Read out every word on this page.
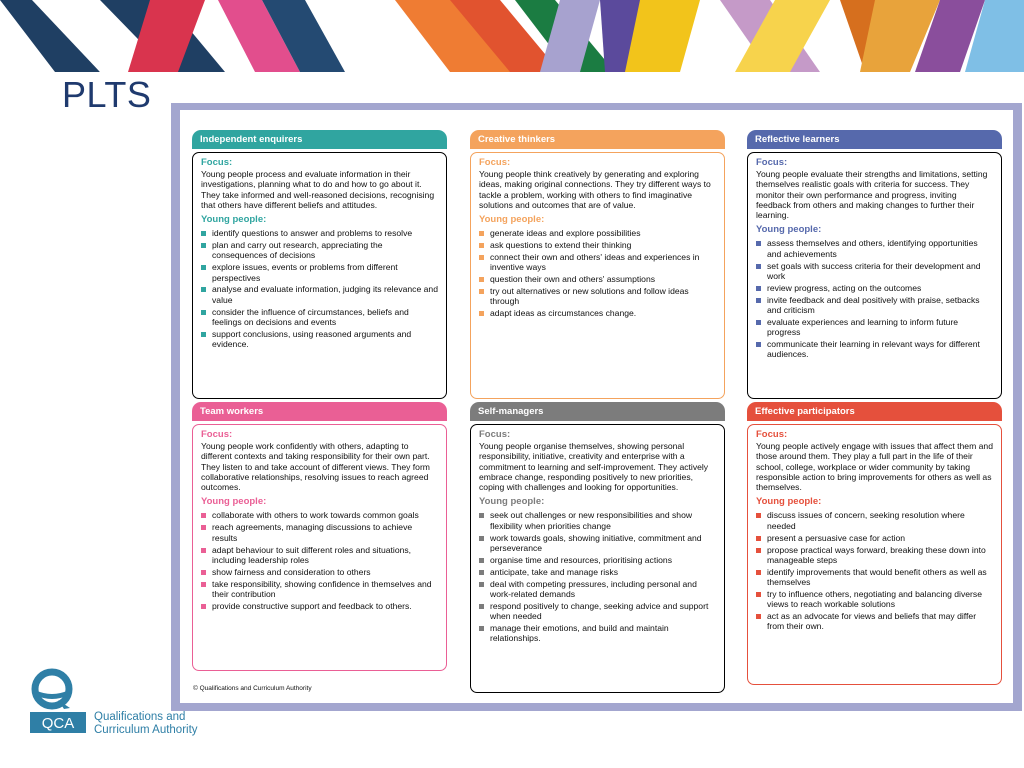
PLTS
Independent enquirers
Focus:
Young people process and evaluate information in their investigations, planning what to do and how to go about it. They take informed and well-reasoned decisions, recognising that others have different beliefs and attitudes.
Young people:
identify questions to answer and problems to resolve
plan and carry out research, appreciating the consequences of decisions
explore issues, events or problems from different perspectives
analyse and evaluate information, judging its relevance and value
consider the influence of circumstances, beliefs and feelings on decisions and events
support conclusions, using reasoned arguments and evidence.
Creative thinkers
Focus:
Young people think creatively by generating and exploring ideas, making original connections. They try different ways to tackle a problem, working with others to find imaginative solutions and outcomes that are of value.
Young people:
generate ideas and explore possibilities
ask questions to extend their thinking
connect their own and others' ideas and experiences in inventive ways
question their own and others' assumptions
try out alternatives or new solutions and follow ideas through
adapt ideas as circumstances change.
Reflective learners
Focus:
Young people evaluate their strengths and limitations, setting themselves realistic goals with criteria for success. They monitor their own performance and progress, inviting feedback from others and making changes to further their learning.
Young people:
assess themselves and others, identifying opportunities and achievements
set goals with success criteria for their development and work
review progress, acting on the outcomes
invite feedback and deal positively with praise, setbacks and criticism
evaluate experiences and learning to inform future progress
communicate their learning in relevant ways for different audiences.
Team workers
Focus:
Young people work confidently with others, adapting to different contexts and taking responsibility for their own part. They listen to and take account of different views. They form collaborative relationships, resolving issues to reach agreed outcomes.
Young people:
collaborate with others to work towards common goals
reach agreements, managing discussions to achieve results
adapt behaviour to suit different roles and situations, including leadership roles
show fairness and consideration to others
take responsibility, showing confidence in themselves and their contribution
provide constructive support and feedback to others.
Self-managers
Focus:
Young people organise themselves, showing personal responsibility, initiative, creativity and enterprise with a commitment to learning and self-improvement. They actively embrace change, responding positively to new priorities, coping with challenges and looking for opportunities.
Young people:
seek out challenges or new responsibilities and show flexibility when priorities change
work towards goals, showing initiative, commitment and perseverance
organise time and resources, prioritising actions
anticipate, take and manage risks
deal with competing pressures, including personal and work-related demands
respond positively to change, seeking advice and support when needed
manage their emotions, and build and maintain relationships.
Effective participators
Focus:
Young people actively engage with issues that affect them and those around them. They play a full part in the life of their school, college, workplace or wider community by taking responsible action to bring improvements for others as well as themselves.
Young people:
discuss issues of concern, seeking resolution where needed
present a persuasive case for action
propose practical ways forward, breaking these down into manageable steps
identify improvements that would benefit others as well as themselves
try to influence others, negotiating and balancing diverse views to reach workable solutions
act as an advocate for views and beliefs that may differ from their own.
© Qualifications and Curriculum Authority
QCA Qualifications and
Curriculum Authority
